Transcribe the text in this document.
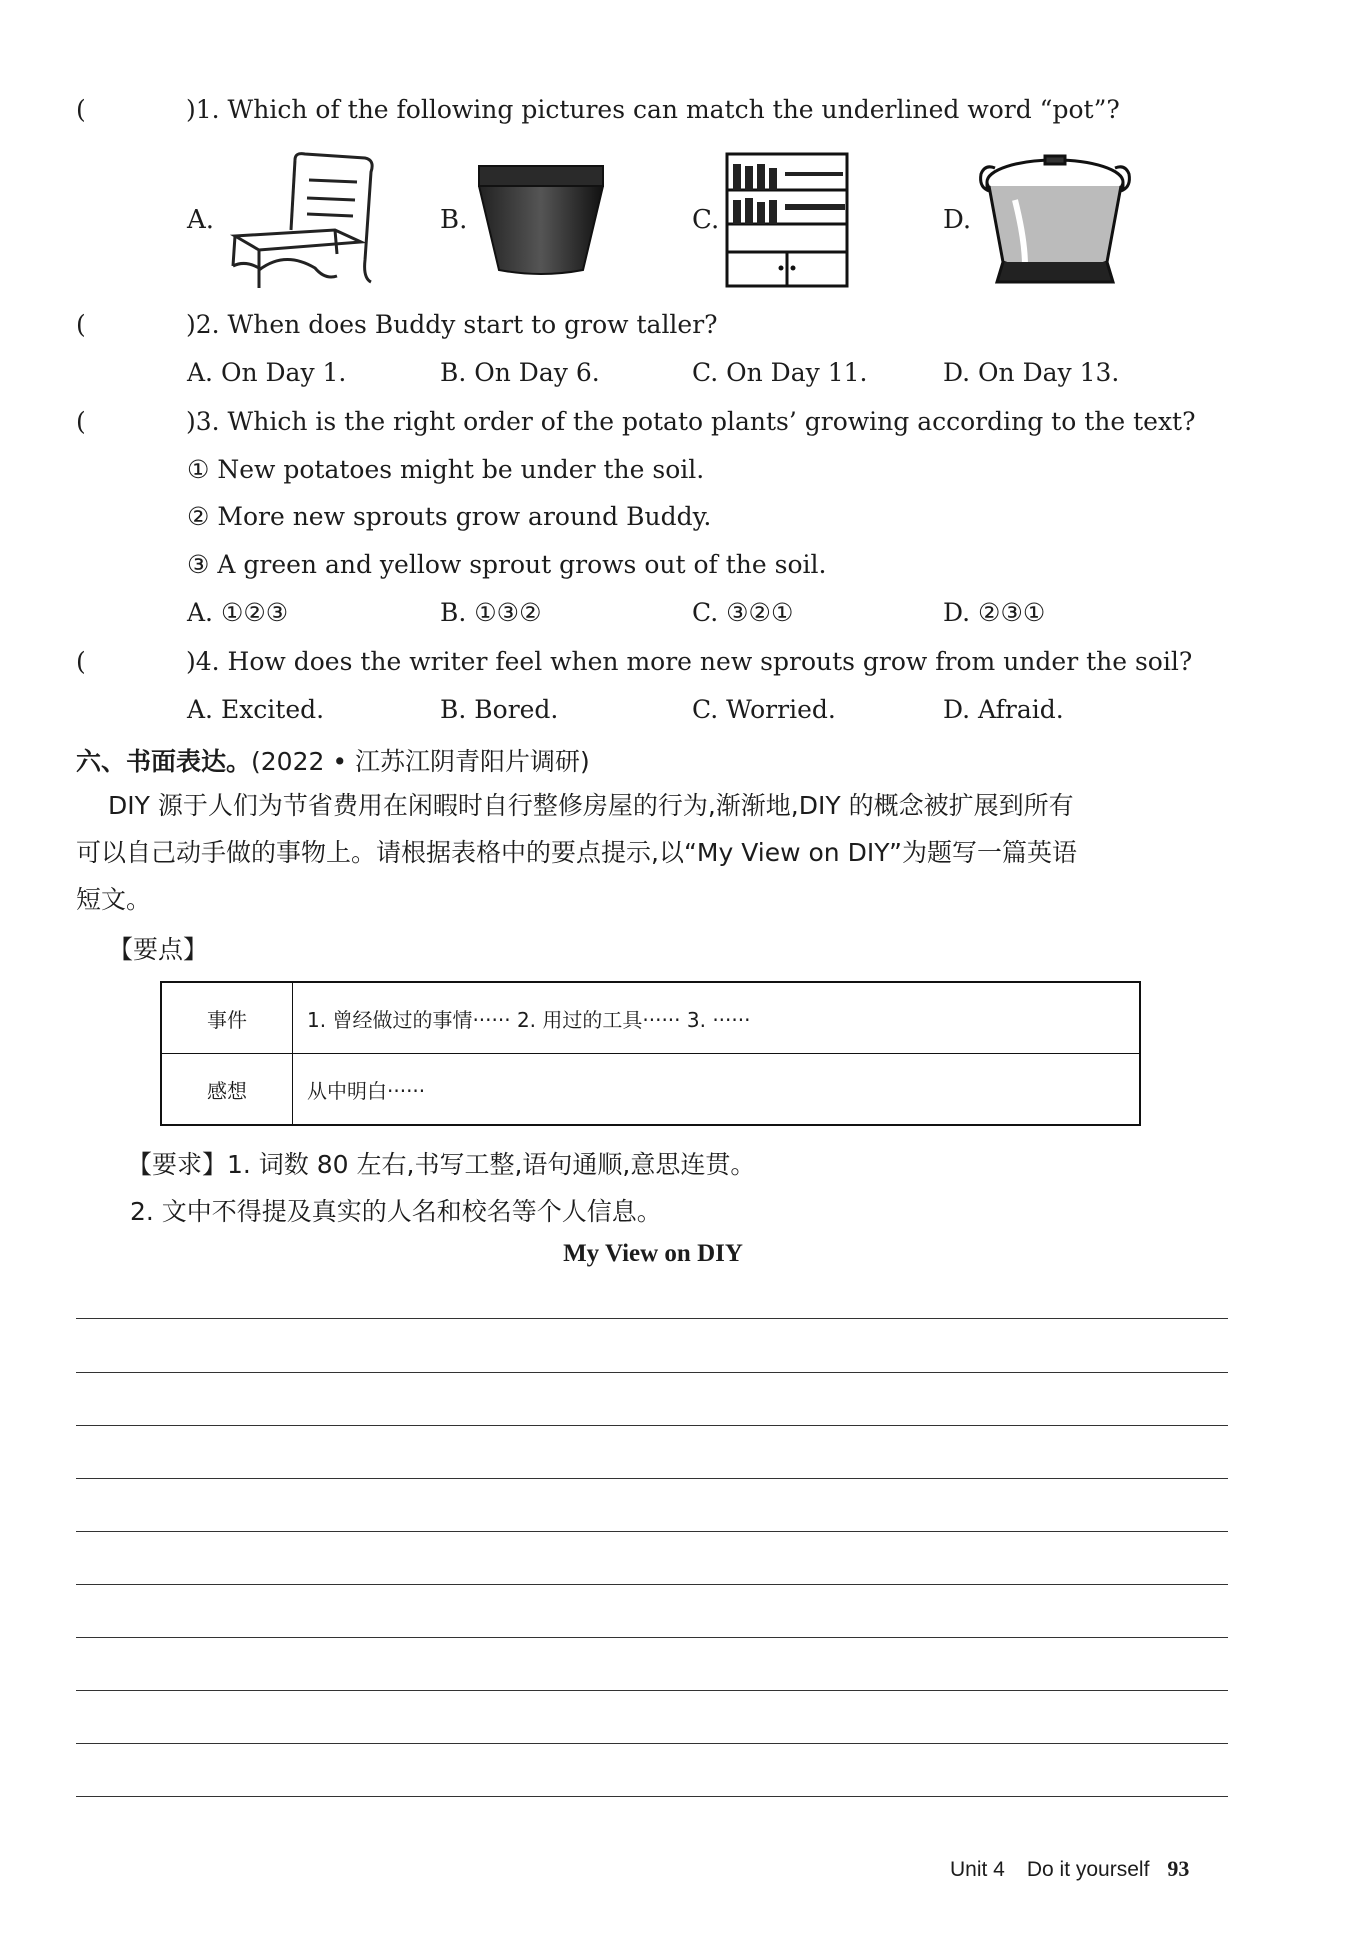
(	)1. Which of the following pictures can match the underlined word “pot”?
A.	B.	C.	D.
(	)2. When does Buddy start to grow taller?
A. On Day 1.	B. On Day 6.	C. On Day 11.	D. On Day 13.
(	)3. Which is the right order of the potato plants’ growing according to the text?
① New potatoes might be under the soil.
② More new sprouts grow around Buddy.
③ A green and yellow sprout grows out of the soil.
A. ①②③	B. ①③②	C. ③②①	D. ②③①
(	)4. How does the writer feel when more new sprouts grow from under the soil?
A. Excited.	B. Bored.	C. Worried.	D. Afraid.
六、书面表达。(2022 • 江苏江阴青阳片调研)
DIY 源于人们为节省费用在闲暇时自行整修房屋的行为,渐渐地,DIY 的概念被扩展到所有
可以自己动手做的事物上。请根据表格中的要点提示,以“My View on DIY”为题写一篇英语
短文。
【要点】
事件	1. 曾经做过的事情······ 2. 用过的工具······ 3. ······
感想	从中明白······
【要求】1. 词数 80 左右,书写工整,语句通顺,意思连贯。
2. 文中不得提及真实的人名和校名等个人信息。
My View on DIY
Unit 4 Do it yourself 93
